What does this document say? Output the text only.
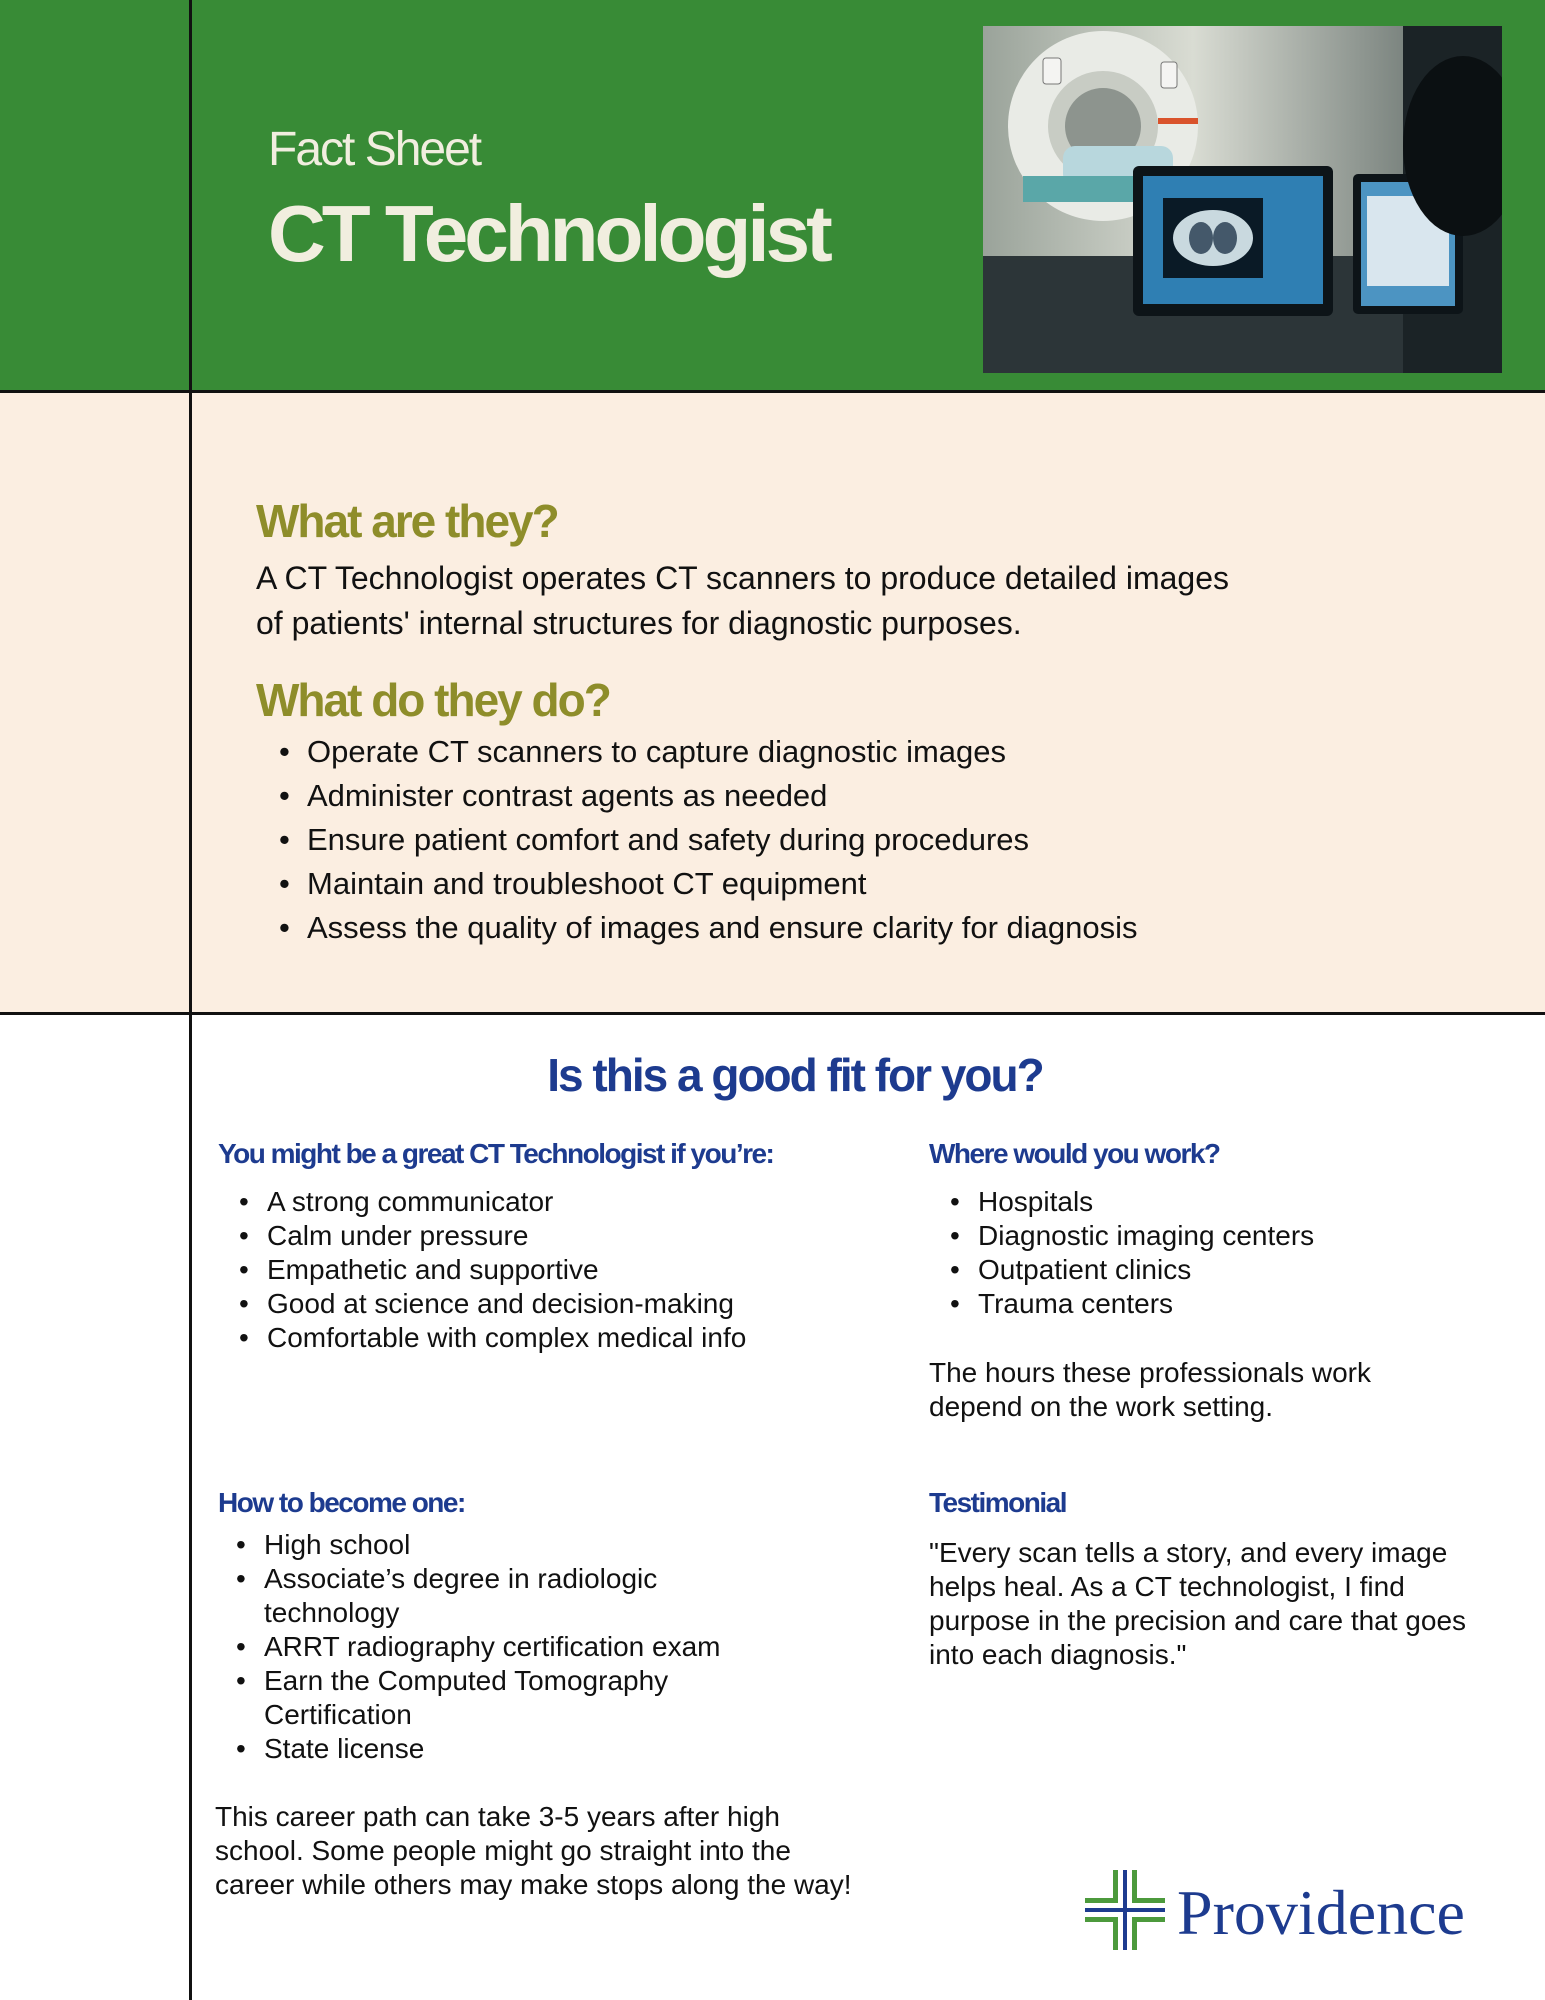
Fact Sheet
CT Technologist
What are they?

A CT Technologist operates CT scanners to produce detailed images of patients' internal structures for diagnostic purposes.

What do they do?
• Operate CT scanners to capture diagnostic images
• Administer contrast agents as needed
• Ensure patient comfort and safety during procedures
• Maintain and troubleshoot CT equipment
• Assess the quality of images and ensure clarity for diagnosis
Is this a good fit for you?
You might be a great CT Technologist if you’re:
• A strong communicator
• Calm under pressure
• Empathetic and supportive
• Good at science and decision-making
• Comfortable with complex medical info
Where would you work?
• Hospitals
• Diagnostic imaging centers
• Outpatient clinics
• Trauma centers

The hours these professionals work depend on the work setting.

How to become one:
• High school
• Associate’s degree in radiologic technology
• ARRT radiography certification exam
• Earn the Computed Tomography Certification
• State license

This career path can take 3-5 years after high school. Some people might go straight into the career while others may make stops along the way!

Testimonial

"Every scan tells a story, and every image helps heal. As a CT technologist, I find purpose in the precision and care that goes into each diagnosis."

Providence
